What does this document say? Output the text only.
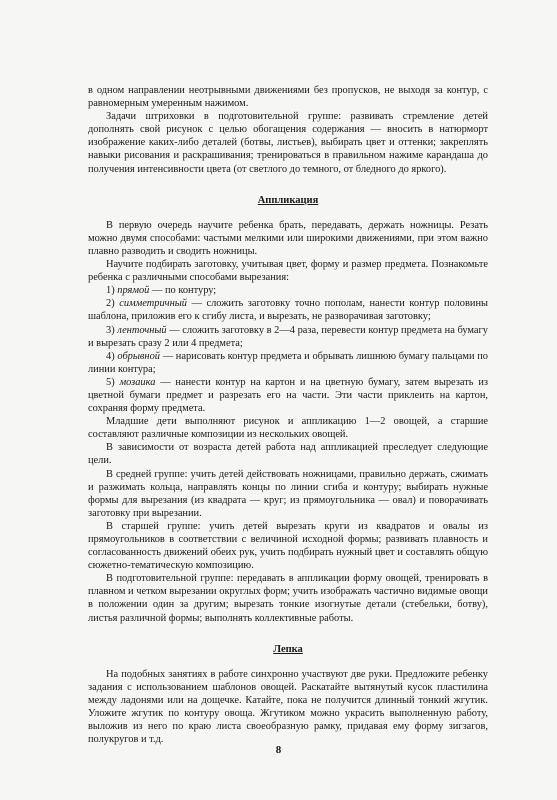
в одном направлении неотрывными движениями без пропусков, не выходя за контур, с равномерным умеренным нажимом.

Задачи штриховки в подготовительной группе: развивать стремление детей дополнять свой рисунок с целью обогащения содержания — вносить в натюрморт изображение каких-либо деталей (ботвы, листьев), выбирать цвет и оттенки; закреплять навыки рисования и раскрашивания; тренироваться в правильном нажиме карандаша до получения интенсивности цвета (от светлого до темного, от бледного до яркого).

Аппликация

В первую очередь научите ребенка брать, передавать, держать ножницы. Резать можно двумя способами: частыми мелкими или широкими движениями, при этом важно плавно разводить и сводить ножницы.

Научите подбирать заготовку, учитывая цвет, форму и размер предмета. Познакомьте ребенка с различными способами вырезания:

1) прямой — по контуру;

2) симметричный — сложить заготовку точно пополам, нанести контур половины шаблона, приложив его к сгибу листа, и вырезать, не разворачивая заготовку;

3) ленточный — сложить заготовку в 2—4 раза, перевести контур предмета на бумагу и вырезать сразу 2 или 4 предмета;

4) обрывной — нарисовать контур предмета и обрывать лишнюю бумагу пальцами по линии контура;

5) мозаика — нанести контур на картон и на цветную бумагу, затем вырезать из цветной бумаги предмет и разрезать его на части. Эти части приклеить на картон, сохраняя форму предмета.

Младшие дети выполняют рисунок и аппликацию 1—2 овощей, а старшие составляют различные композиции из нескольких овощей.

В зависимости от возраста детей работа над аппликацией преследует следующие цели.

В средней группе: учить детей действовать ножницами, правильно держать, сжимать и разжимать кольца, направлять концы по линии сгиба и контуру; выбирать нужные формы для вырезания (из квадрата — круг; из прямоугольника — овал) и поворачивать заготовку при вырезании.

В старшей группе: учить детей вырезать круги из квадратов и овалы из прямоугольников в соответствии с величиной исходной формы; развивать плавность и согласованность движений обеих рук, учить подбирать нужный цвет и составлять общую сюжетно-тематическую композицию.

В подготовительной группе: передавать в аппликации форму овощей, тренировать в плавном и четком вырезании округлых форм; учить изображать частично видимые овощи в положении один за другим; вырезать тонкие изогнутые детали (стебельки, ботву), листья различной формы; выполнять коллективные работы.

Лепка

На подобных занятиях в работе синхронно участвуют две руки. Предложите ребенку задания с использованием шаблонов овощей. Раскатайте вытянутый кусок пластилина между ладонями или на дощечке. Катайте, пока не получится длинный тонкий жгутик. Уложите жгутик по контуру овоща. Жгутиком можно украсить выполненную работу, выложив из него по краю листа своеобразную рамку, придавая ему форму зигзагов, полукругов и т.д.

8
